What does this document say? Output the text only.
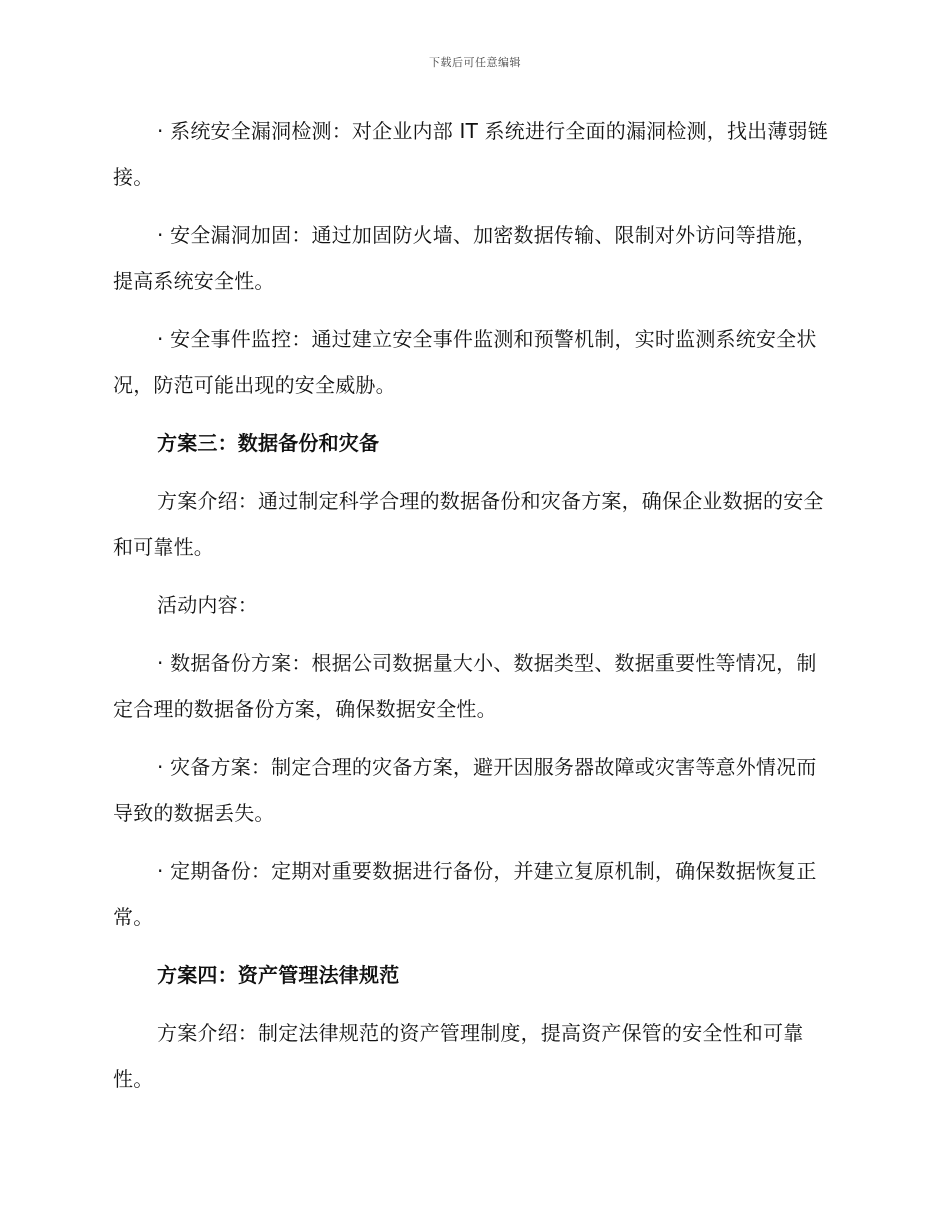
下载后可任意编辑

· 系统安全漏洞检测：对企业内部 IT 系统进行全面的漏洞检测，找出薄弱链接。

· 安全漏洞加固：通过加固防火墙、加密数据传输、限制对外访问等措施，提高系统安全性。

· 安全事件监控：通过建立安全事件监测和预警机制，实时监测系统安全状况，防范可能出现的安全威胁。

方案三：数据备份和灾备

方案介绍：通过制定科学合理的数据备份和灾备方案，确保企业数据的安全和可靠性。

活动内容：

· 数据备份方案：根据公司数据量大小、数据类型、数据重要性等情况，制定合理的数据备份方案，确保数据安全性。

· 灾备方案：制定合理的灾备方案，避开因服务器故障或灾害等意外情况而导致的数据丢失。

· 定期备份：定期对重要数据进行备份，并建立复原机制，确保数据恢复正常。

方案四：资产管理法律规范

方案介绍：制定法律规范的资产管理制度，提高资产保管的安全性和可靠性。
